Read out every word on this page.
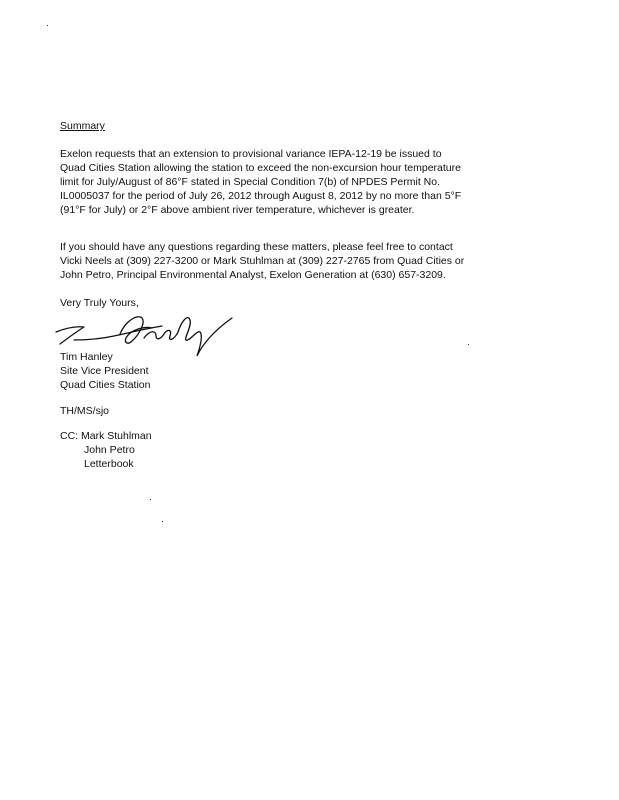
Summary
Exelon requests that an extension to provisional variance IEPA-12-19 be issued to
Quad Cities Station allowing the station to exceed the non-excursion hour temperature
limit for July/August of 86°F stated in Special Condition 7(b) of NPDES Permit No.
IL0005037 for the period of July 26, 2012 through August 8, 2012 by no more than 5°F
(91°F for July) or 2°F above ambient river temperature, whichever is greater.
If you should have any questions regarding these matters, please feel free to contact
Vicki Neels at (309) 227-3200 or Mark Stuhlman at (309) 227-2765 from Quad Cities or
John Petro, Principal Environmental Analyst, Exelon Generation at (630) 657-3209.
Very Truly Yours,
Tim Hanley
Site Vice President
Quad Cities Station
TH/MS/sjo
CC: Mark Stuhlman
John Petro
Letterbook
